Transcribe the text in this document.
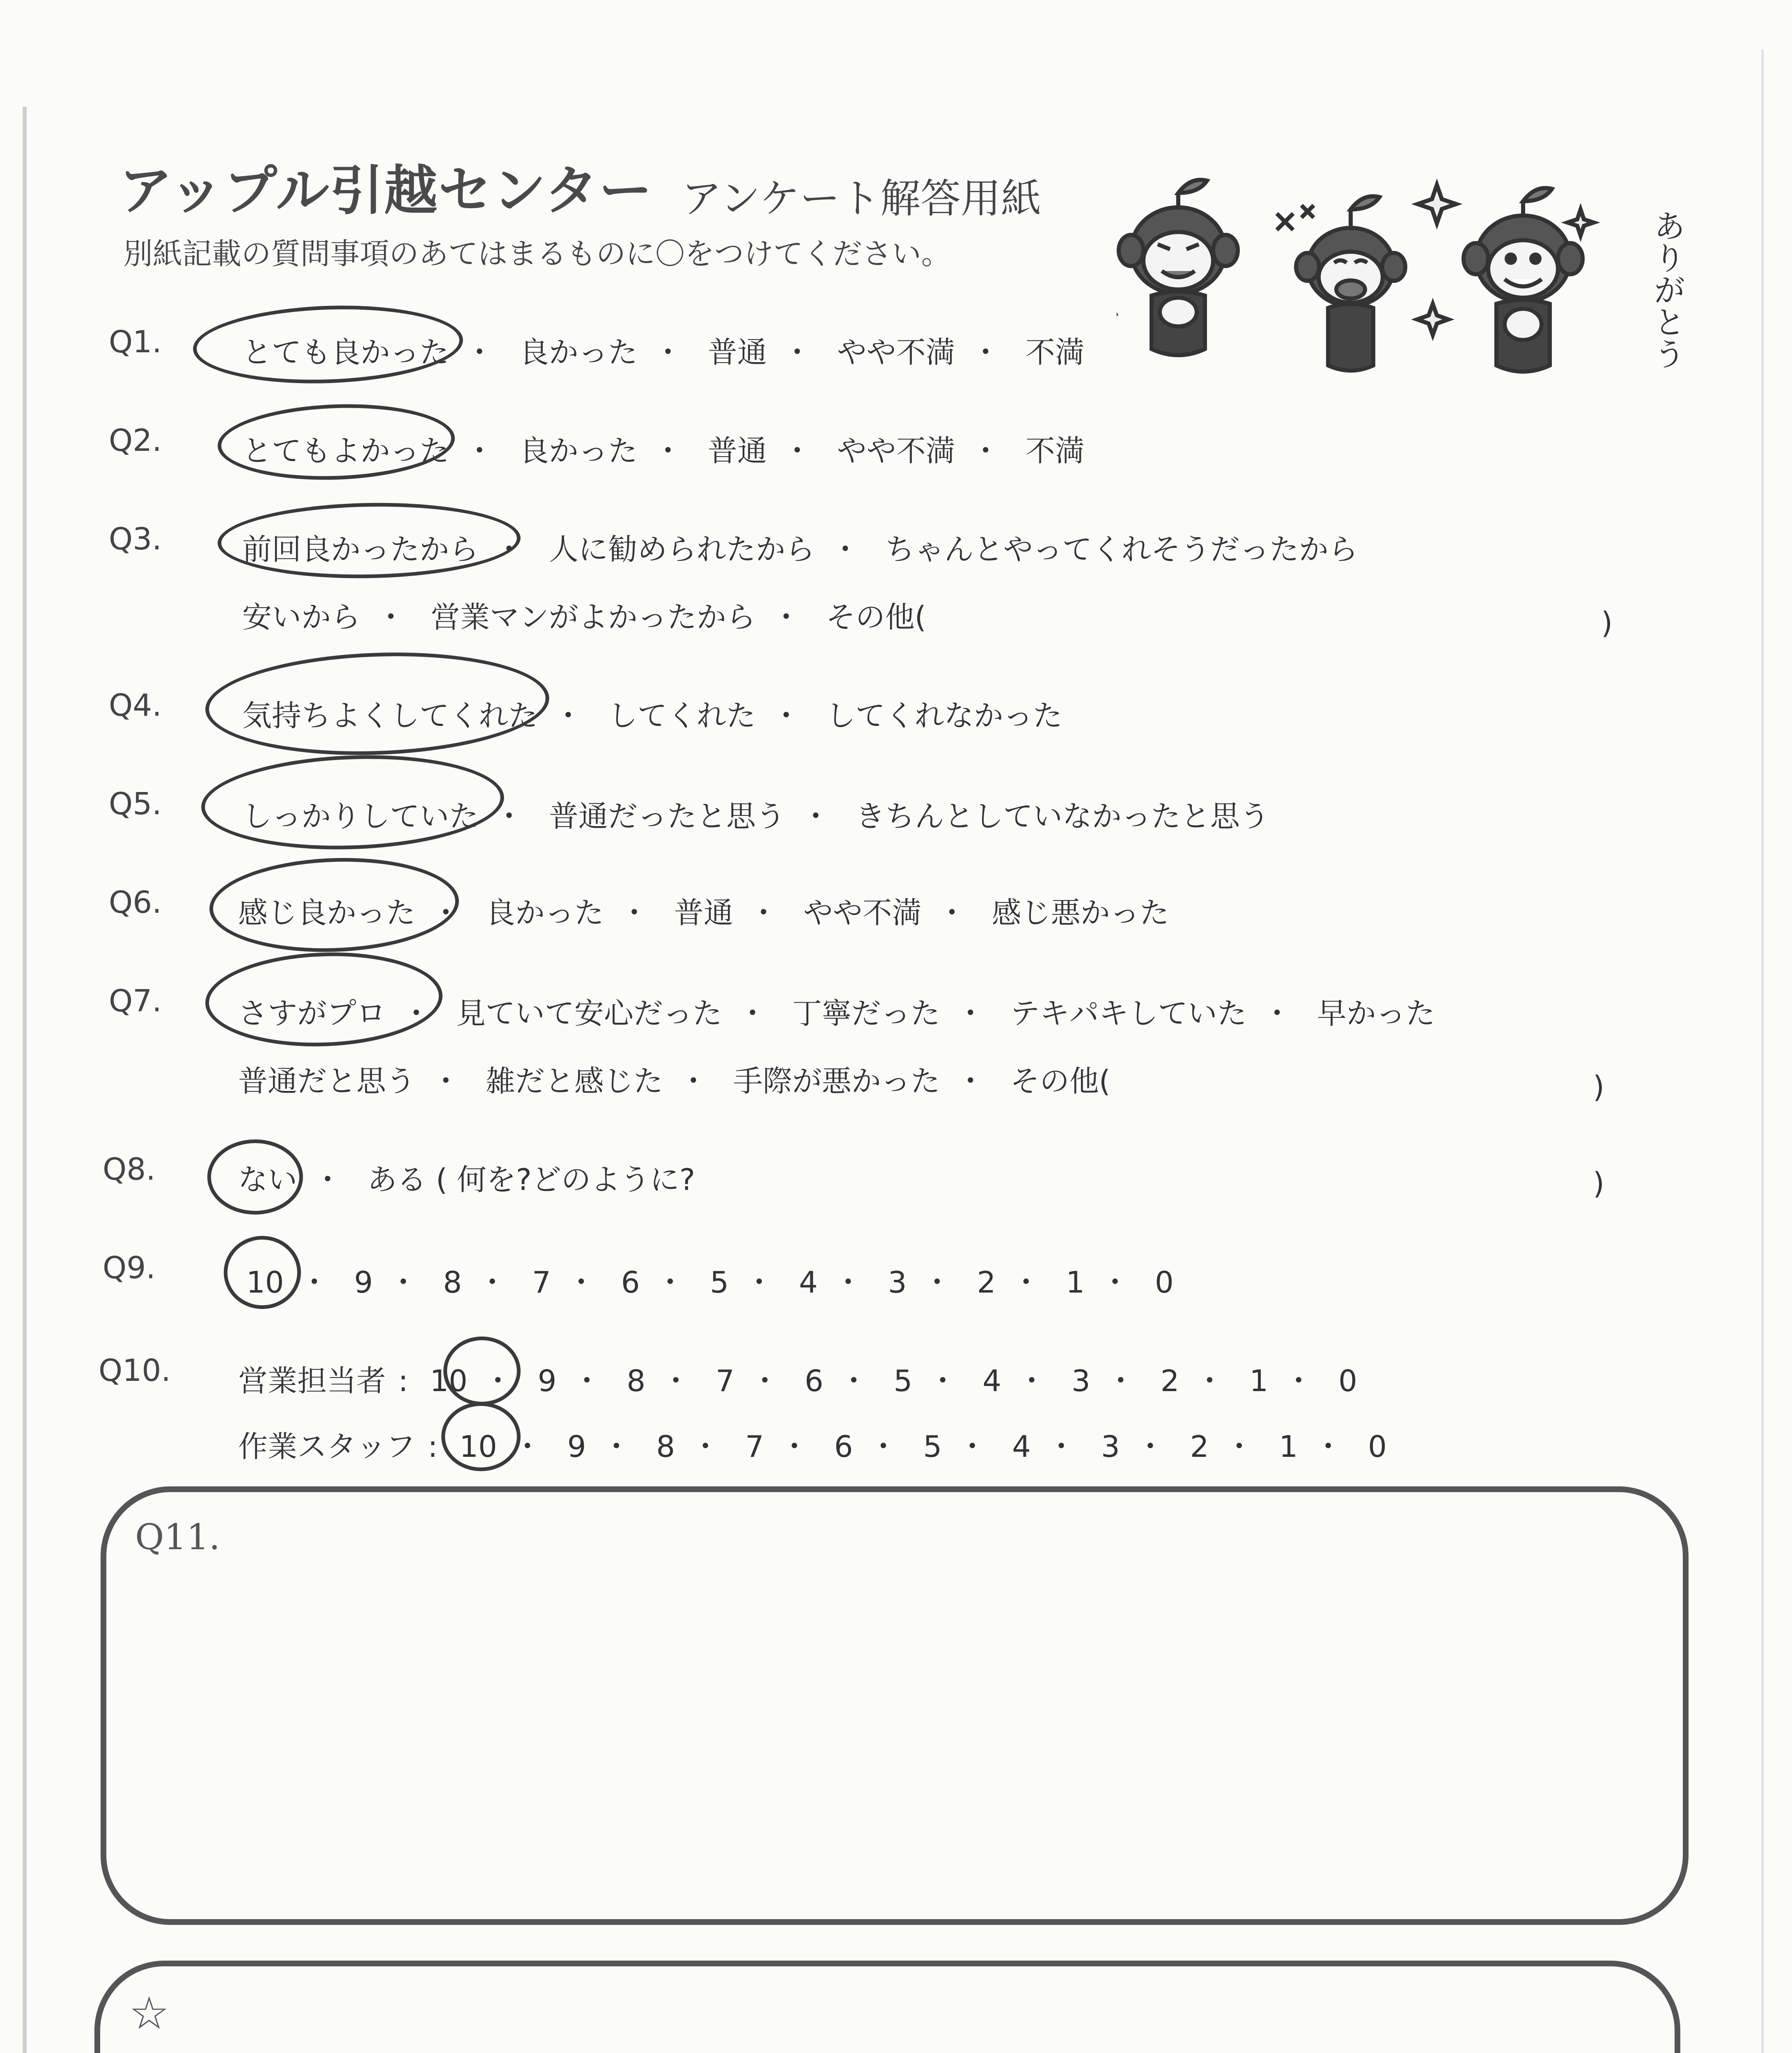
アップル引越センター アンケート解答用紙
別紙記載の質問事項のあてはまるものに〇をつけてください。	ありがとう
Q1.	とても良かった ・ 良かった ・ 普通 ・ やや不満 ・ 不満
Q2.	とてもよかった ・ 良かった ・ 普通 ・ やや不満 ・ 不満
Q3.	前回良かったから ・ 人に勧められたから ・ ちゃんとやってくれそうだったから
安いから ・ 営業マンがよかったから ・ その他(	)
Q4.	気持ちよくしてくれた ・ してくれた ・ してくれなかった
Q5.	しっかりしていた ・ 普通だったと思う ・ きちんとしていなかったと思う
Q6.	感じ良かった ・ 良かった ・ 普通 ・ やや不満 ・ 感じ悪かった
Q7.	さすがプロ ・ 見ていて安心だった ・ 丁寧だった ・ テキパキしていた ・ 早かった
普通だと思う ・ 雑だと感じた ・ 手際が悪かった ・ その他(	)
Q8.	ない ・ ある ( 何を?どのように?	)
Q9.	10 ・ 9 ・ 8 ・ 7 ・ 6 ・ 5 ・ 4 ・ 3 ・ 2 ・ 1 ・ 0
Q10. 営業担当者 : 10 ・ 9 ・ 8 ・ 7 ・ 6 ・ 5 ・ 4 ・ 3 ・ 2 ・ 1 ・ 0
作業スタッフ : 10 ・ 9 ・ 8 ・ 7 ・ 6 ・ 5 ・ 4 ・ 3 ・ 2 ・ 1 ・ 0
Q11.
☆
